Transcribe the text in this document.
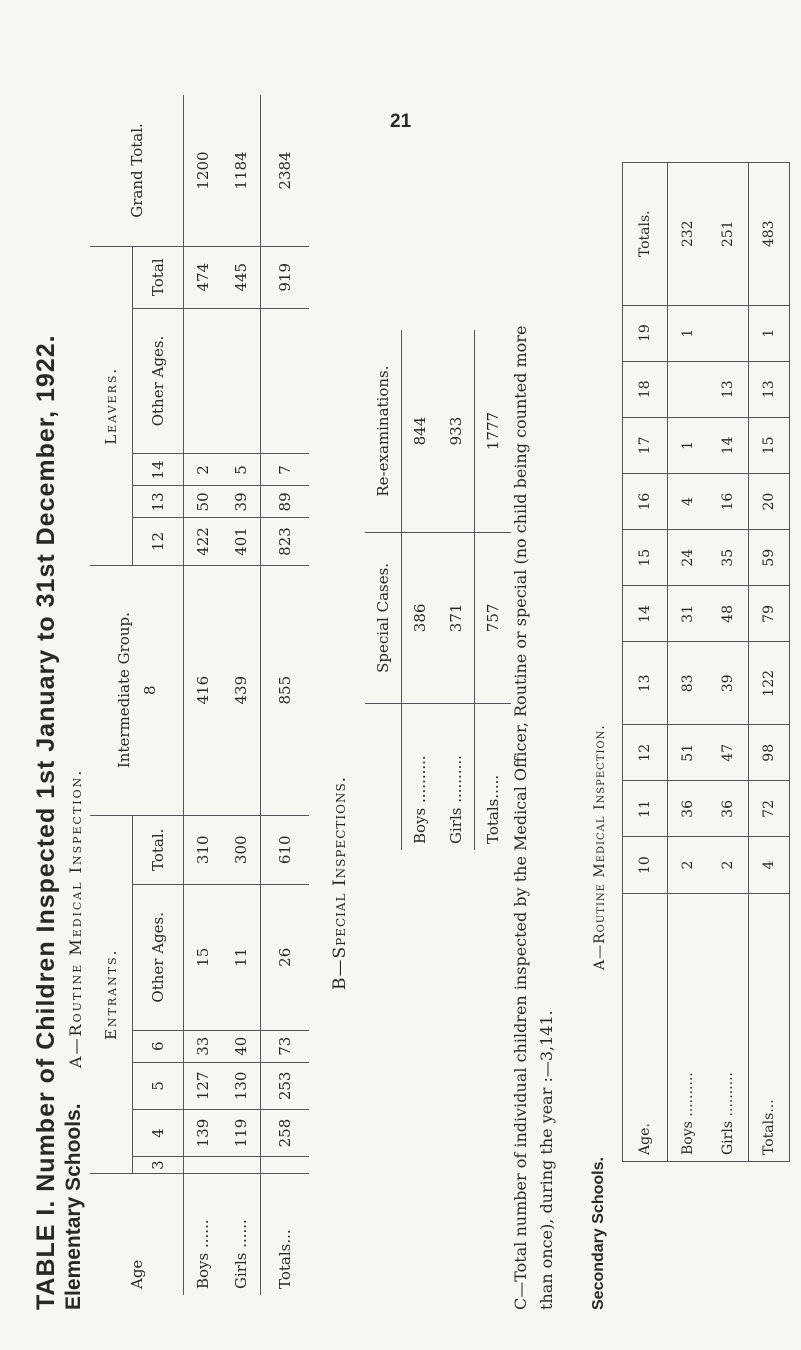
21
TABLE I. Number of Children Inspected 1st January to 31st December, 1922. Elementary Schools.
A—Routine Medical Inspection.
Age	Entrants.						Intermediate Group. 8	Leavers.					Grand Total.
	3	4	5	6	Other Ages.	Total.		12	13	14	Other Ages.	Total	
Boys ......		139	127	33	15	310	416	422	50	2		474	1200
Girls ......		119	130	40	11	300	439	401	39	5		445	1184
Totals...		258	253	73	26	610	855	823	89	7		919	2384
B—Special Inspections.
	Special Cases.	Re-examinations.
Boys ..........	386	844
Girls ..........	371	933
Totals.....	757	1777 C—Total number of individual children inspected by the Medical Officer, Routine or special (no child being counted more than once), during the year :—3,141. Secondary Schools.
A—Routine Medical Inspection.
Age.	10	11	12	13	14	15	16	17	18	19	Totals.
Boys ..........	2	36	51	83	31	24	4	1		1	232
Girls ..........	2	36	47	39	48	35	16	14	13		251
Totals...	4	72	98	122	79	59	20	15	13	1	483
